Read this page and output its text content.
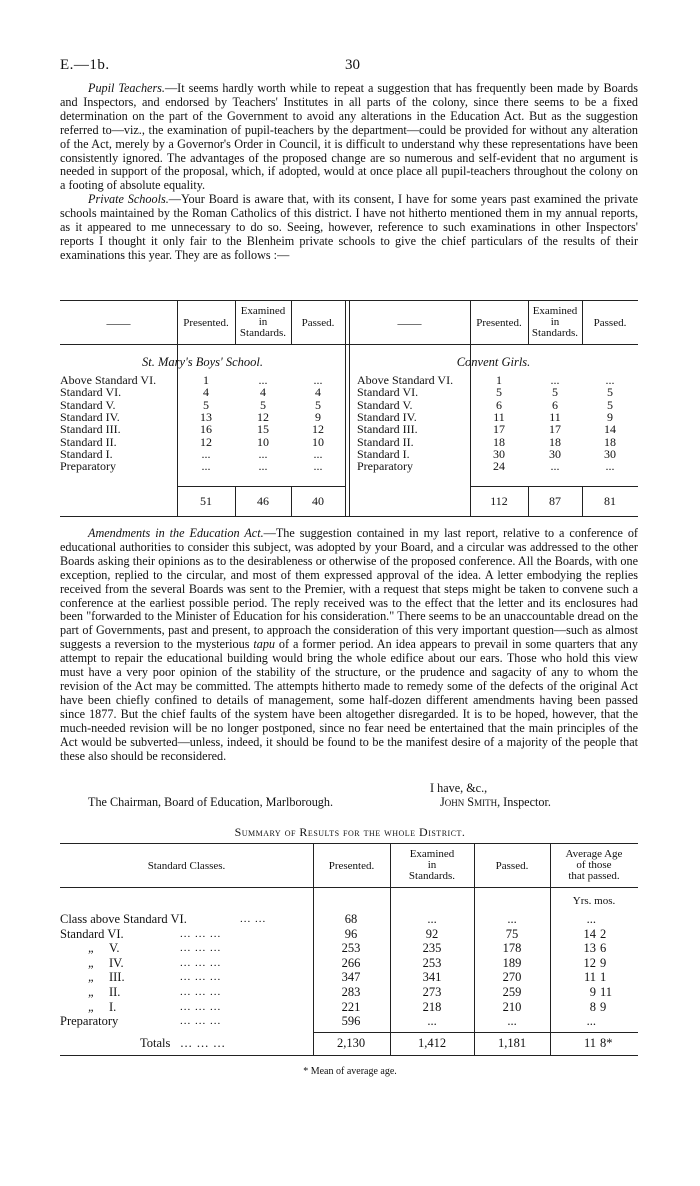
E.—1b.	30

Pupil Teachers.—It seems hardly worth while to repeat a suggestion that has frequently been made by Boards and Inspectors, and endorsed by Teachers' Institutes in all parts of the colony, since there seems to be a fixed determination on the part of the Government to avoid any alterations in the Education Act. But as the suggestion referred to—viz., the examination of pupil-teachers by the department—could be provided for without any alteration of the Act, merely by a Governor's Order in Council, it is difficult to understand why these representations have been consistently ignored. The advantages of the proposed change are so numerous and self-evident that no argument is needed in support of the proposal, which, if adopted, would at once place all pupil-teachers throughout the colony on a footing of absolute equality.

Private Schools.—Your Board is aware that, with its consent, I have for some years past examined the private schools maintained by the Roman Catholics of this district. I have not hitherto mentioned them in my annual reports, as it appeared to me unnecessary to do so. Seeing, however, reference to such examinations in other Inspectors' reports I thought it only fair to the Blenheim private schools to give the chief particulars of the results of their examinations this year. They are as follows :—

——	Presented.
Examined
in
Standards.
Passed.	——	Presented.
Examined
in
Standards.
Passed.
St. Mary's Boys' School.	Convent Girls.
Above Standard VI.	1	...	...
Standard VI.	4	4	4
Standard V.	5	5	5
Standard IV.	13	12	9
Standard III.	16	15	12
Standard II.	12	10	10
Standard I.	...	...	...
Preparatory	...	...	...
Above Standard VI.	1	...	...
Standard VI.	5	5	5
Standard V.	6	6	5
Standard IV.	11	11	9
Standard III.	17	17	14
Standard II.	18	18	18
Standard I.	30	30	30
Preparatory	24	...	...
51	46	40	112	87	81

Amendments in the Education Act.—The suggestion contained in my last report, relative to a conference of educational authorities to consider this subject, was adopted by your Board, and a circular was addressed to the other Boards asking their opinions as to the desirableness or otherwise of the proposed conference. All the Boards, with one exception, replied to the circular, and most of them expressed approval of the idea. A letter embodying the replies received from the several Boards was sent to the Premier, with a request that steps might be taken to convene such a conference at the earliest possible period. The reply received was to the effect that the letter and its enclosures had been "forwarded to the Minister of Education for his consideration." There seems to be an unaccountable dread on the part of Governments, past and present, to approach the consideration of this very important question—such as almost suggests a reversion to the mysterious tapu of a former period. An idea appears to prevail in some quarters that any attempt to repair the educational building would bring the whole edifice about our ears. Those who hold this view must have a very poor opinion of the stability of the structure, or the prudence and sagacity of any to whom the revision of the Act may be committed. The attempts hitherto made to remedy some of the defects of the original Act have been chiefly confined to details of management, some half-dozen different amendments having been passed since 1877. But the chief faults of the system have been altogether disregarded. It is to be hoped, however, that the much-needed revision will be no longer postponed, since no fear need be entertained that the main principles of the Act would be subverted—unless, indeed, it should be found to be the manifest desire of a majority of the people that these also should be reconsidered.

I have, &c.,
The Chairman, Board of Education, Marlborough.	John Smith, Inspector.
Summary of Results for the whole District.
Standard Classes.	Presented.
Examined
in
Standards.
Passed.
Average Age
of those
that passed.
Yrs. mos.
Class above Standard VI.	... ...	68	...	...	...
Standard VI.	... ... ...	96	92	75	14 2
„ V.	... ... ...	253	235	178	13 6
„ IV.	... ... ...	266	253	189	12 9
„ III.	... ... ...	347	341	270	11 1
„ II.	... ... ...	283	273	259	9 11
„ I.	... ... ...	221	218	210	8 9
Preparatory	... ... ...	596	...	...	...
Totals ... ... ...	2,130	1,412	1,181	11 8*
* Mean of average age.
